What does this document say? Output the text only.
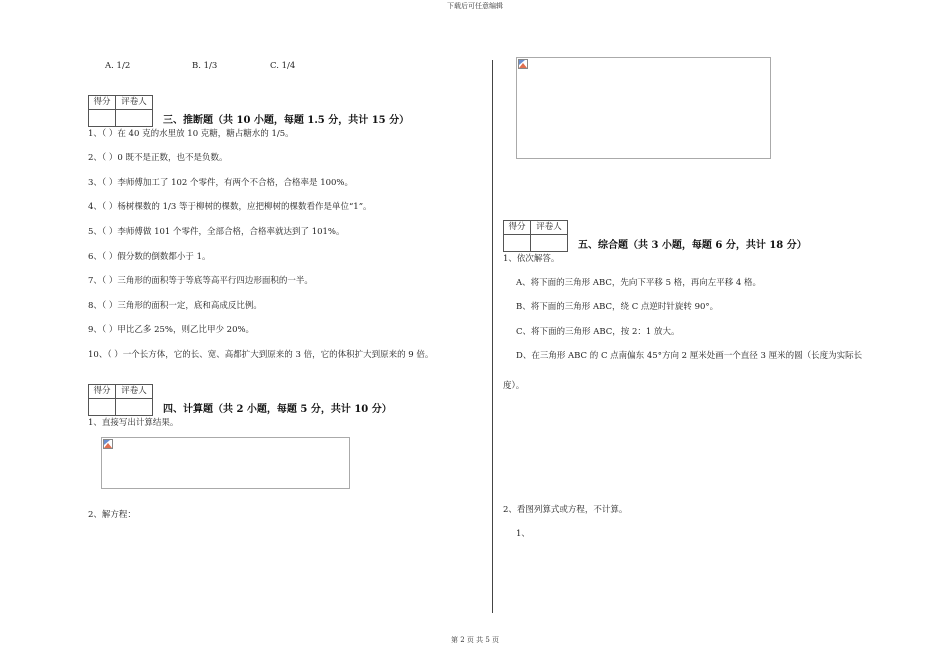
下载后可任意编辑
第 2 页 共 5 页
A. 1/2	B. 1/3	C. 1/4
得分	评卷人
三、推断题（共 10 小题，每题 1.5 分，共计 15 分）
1、（ ）在 40 克的水里放 10 克糖，糖占糖水的 1/5。
2、（ ）0 既不是正数，也不是负数。
3、（ ）李师傅加工了 102 个零件，有两个不合格，合格率是 100%。
4、（ ）杨树棵数的 1/3 等于柳树的棵数，应把柳树的棵数看作是单位“1”。
5、（ ）李师傅做 101 个零件，全部合格，合格率就达到了 101%。
6、（ ）假分数的倒数都小于 1。
7、（ ）三角形的面积等于等底等高平行四边形面积的一半。
8、（ ）三角形的面积一定，底和高成反比例。
9、（ ）甲比乙多 25%，则乙比甲少 20%。
10、（ ）一个长方体，它的长、宽、高都扩大到原来的 3 倍，它的体积扩大到原来的 9 倍。
得分	评卷人
四、计算题（共 2 小题，每题 5 分，共计 10 分）
1、直接写出计算结果。
2、解方程：
得分	评卷人
五、综合题（共 3 小题，每题 6 分，共计 18 分）
1、依次解答。
A、将下面的三角形 ABC，先向下平移 5 格，再向左平移 4 格。
B、将下面的三角形 ABC，绕 C 点逆时针旋转 90°。
C、将下面的三角形 ABC，按 2：1 放大。
D、在三角形 ABC 的 C 点南偏东 45°方向 2 厘米处画一个直径 3 厘米的圆（长度为实际长
度）。
2、看图列算式或方程，不计算。
1、
